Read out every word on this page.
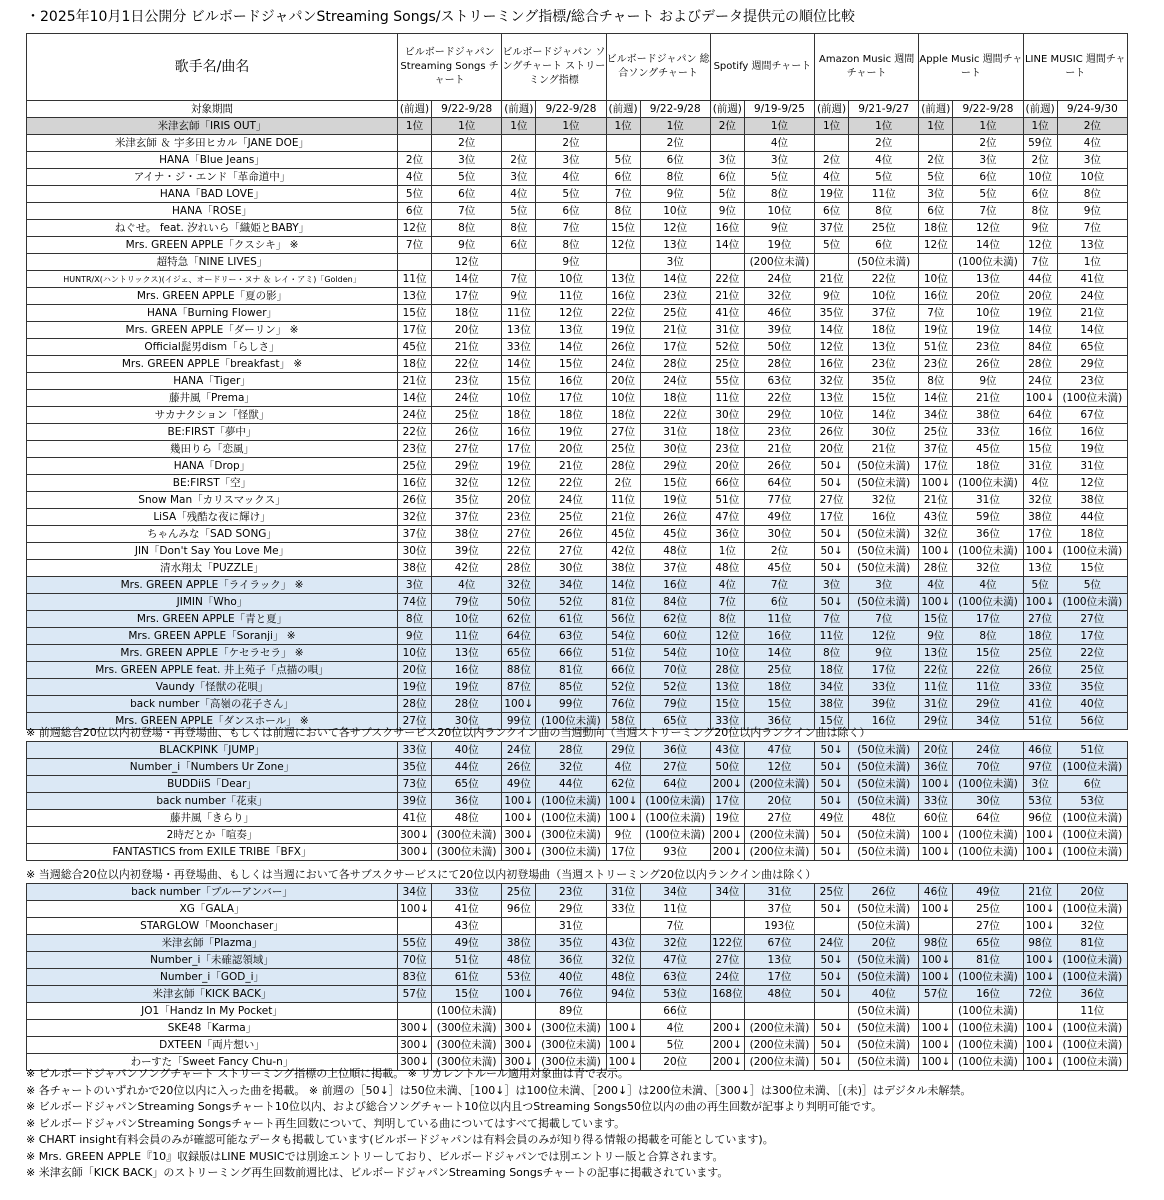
・2025年10月1日公開分 ビルボードジャパンStreaming Songs/ストリーミング指標/総合チャート およびデータ提供元の順位比較
歌手名/曲名	ビルボードジャパン Streaming Songs チャート		ビルボードジャパン ソングチャート ストリーミング指標		ビルボードジャパン 総合ソングチャート		Spotify 週間チャート		Amazon Music 週間チャート		Apple Music 週間チャート		LINE MUSIC 週間チャート	
対象期間	(前週)	9/22-9/28	(前週)	9/22-9/28	(前週)	9/22-9/28	(前週)	9/19-9/25	(前週)	9/21-9/27	(前週)	9/22-9/28	(前週)	9/24-9/30
米津玄師「IRIS OUT」	1位	1位	1位	1位	1位	1位	2位	1位	1位	1位	1位	1位	1位	2位
米津玄師 ＆ 宇多田ヒカル「JANE DOE」		2位		2位		2位		4位		2位		2位	59位	4位
HANA「Blue Jeans」	2位	3位	2位	3位	5位	6位	3位	3位	2位	4位	2位	3位	2位	3位
アイナ・ジ・エンド「革命道中」	4位	5位	3位	4位	6位	8位	6位	5位	4位	5位	5位	6位	10位	10位
HANA「BAD LOVE」	5位	6位	4位	5位	7位	9位	5位	8位	19位	11位	3位	5位	6位	8位
HANA「ROSE」	6位	7位	5位	6位	8位	10位	9位	10位	6位	8位	6位	7位	8位	9位
ねぐせ。 feat. 汐れいら「織姫とBABY」	12位	8位	8位	7位	15位	12位	16位	9位	37位	25位	18位	12位	9位	7位
Mrs. GREEN APPLE「クスシキ」 ※	7位	9位	6位	8位	12位	13位	14位	19位	5位	6位	12位	14位	12位	13位
超特急「NINE LIVES」		12位		9位		3位		(200位未満)		(50位未満)		(100位未満)	7位	1位
HUNTR/X(ハントリックス)(イジェ、オードリー・ヌナ ＆ レイ・アミ)「Golden」	11位	14位	7位	10位	13位	14位	22位	24位	21位	22位	10位	13位	44位	41位
Mrs. GREEN APPLE「夏の影」	13位	17位	9位	11位	16位	23位	21位	32位	9位	10位	16位	20位	20位	24位
HANA「Burning Flower」	15位	18位	11位	12位	22位	25位	41位	46位	35位	37位	7位	10位	19位	21位
Mrs. GREEN APPLE「ダーリン」 ※	17位	20位	13位	13位	19位	21位	31位	39位	14位	18位	19位	19位	14位	14位
Official髭男dism「らしさ」	45位	21位	33位	14位	26位	17位	52位	50位	12位	13位	51位	23位	84位	65位
Mrs. GREEN APPLE「breakfast」 ※	18位	22位	14位	15位	24位	28位	25位	28位	16位	23位	23位	26位	28位	29位
HANA「Tiger」	21位	23位	15位	16位	20位	24位	55位	63位	32位	35位	8位	9位	24位	23位
藤井風「Prema」	14位	24位	10位	17位	10位	18位	11位	22位	13位	15位	14位	21位	100↓	(100位未満)
サカナクション「怪獣」	24位	25位	18位	18位	18位	22位	30位	29位	10位	14位	34位	38位	64位	67位
BE:FIRST「夢中」	22位	26位	16位	19位	27位	31位	18位	23位	26位	30位	25位	33位	16位	16位
幾田りら「恋風」	23位	27位	17位	20位	25位	30位	23位	21位	20位	21位	37位	45位	15位	19位
HANA「Drop」	25位	29位	19位	21位	28位	29位	20位	26位	50↓	(50位未満)	17位	18位	31位	31位
BE:FIRST「空」	16位	32位	12位	22位	2位	15位	66位	64位	50↓	(50位未満)	100↓	(100位未満)	4位	12位
Snow Man「カリスマックス」	26位	35位	20位	24位	11位	19位	51位	77位	27位	32位	21位	31位	32位	38位
LiSA「残酷な夜に輝け」	32位	37位	23位	25位	21位	26位	47位	49位	17位	16位	43位	59位	38位	44位
ちゃんみな「SAD SONG」	37位	38位	27位	26位	45位	45位	36位	30位	50↓	(50位未満)	32位	36位	17位	18位
JIN「Don't Say You Love Me」	30位	39位	22位	27位	42位	48位	1位	2位	50↓	(50位未満)	100↓	(100位未満)	100↓	(100位未満)
清水翔太「PUZZLE」	38位	42位	28位	30位	38位	37位	48位	45位	50↓	(50位未満)	28位	32位	13位	15位
Mrs. GREEN APPLE「ライラック」 ※	3位	4位	32位	34位	14位	16位	4位	7位	3位	3位	4位	4位	5位	5位
JIMIN「Who」	74位	79位	50位	52位	81位	84位	7位	6位	50↓	(50位未満)	100↓	(100位未満)	100↓	(100位未満)
Mrs. GREEN APPLE「青と夏」	8位	10位	62位	61位	56位	62位	8位	11位	7位	7位	15位	17位	27位	27位
Mrs. GREEN APPLE「Soranji」 ※	9位	11位	64位	63位	54位	60位	12位	16位	11位	12位	9位	8位	18位	17位
Mrs. GREEN APPLE「ケセラセラ」 ※	10位	13位	65位	66位	51位	54位	10位	14位	8位	9位	13位	15位	25位	22位
Mrs. GREEN APPLE feat. 井上苑子「点描の唄」	20位	16位	88位	81位	66位	70位	28位	25位	18位	17位	22位	22位	26位	25位
Vaundy「怪獣の花唄」	19位	19位	87位	85位	52位	52位	13位	18位	34位	33位	11位	11位	33位	35位
back number「高嶺の花子さん」	28位	28位	100↓	99位	76位	79位	15位	15位	38位	39位	31位	29位	41位	40位
Mrs. GREEN APPLE「ダンスホール」 ※	27位	30位	99位	(100位未満)	58位	65位	33位	36位	15位	16位	29位	34位	51位	56位
※ 前週総合20位以内初登場・再登場曲、もしくは前週において各サブスクサービス20位以内ランクイン曲の当週動向（当週ストリーミング20位以内ランクイン曲は除く）
BLACKPINK「JUMP」	33位	40位	24位	28位	29位	36位	43位	47位	50↓	(50位未満)	20位	24位	46位	51位
Number_i「Numbers Ur Zone」	35位	44位	26位	32位	4位	27位	50位	12位	50↓	(50位未満)	36位	70位	97位	(100位未満)
BUDDiiS「Dear」	73位	65位	49位	44位	62位	64位	200↓	(200位未満)	50↓	(50位未満)	100↓	(100位未満)	3位	6位
back number「花束」	39位	36位	100↓	(100位未満)	100↓	(100位未満)	17位	20位	50↓	(50位未満)	33位	30位	53位	53位
藤井風「きらり」	41位	48位	100↓	(100位未満)	100↓	(100位未満)	19位	27位	49位	48位	60位	64位	96位	(100位未満)
2時だとか「喧奏」	300↓	(300位未満)	300↓	(300位未満)	9位	(100位未満)	200↓	(200位未満)	50↓	(50位未満)	100↓	(100位未満)	100↓	(100位未満)
FANTASTICS from EXILE TRIBE「BFX」	300↓	(300位未満)	300↓	(300位未満)	17位	93位	200↓	(200位未満)	50↓	(50位未満)	100↓	(100位未満)	100↓	(100位未満)
※ 当週総合20位以内初登場・再登場曲、もしくは当週において各サブスクサービスにて20位以内初登場曲（当週ストリーミング20位以内ランクイン曲は除く）
back number「ブルーアンバー」	34位	33位	25位	23位	31位	34位	34位	31位	25位	26位	46位	49位	21位	20位
XG「GALA」	100↓	41位	96位	29位	33位	11位		37位	50↓	(50位未満)	100↓	25位	100↓	(100位未満)
STARGLOW「Moonchaser」		43位		31位		7位		193位		(50位未満)		27位	100↓	32位
米津玄師「Plazma」	55位	49位	38位	35位	43位	32位	122位	67位	24位	20位	98位	65位	98位	81位
Number_i「未確認領域」	70位	51位	48位	36位	32位	47位	27位	13位	50↓	(50位未満)	100↓	81位	100↓	(100位未満)
Number_i「GOD_i」	83位	61位	53位	40位	48位	63位	24位	17位	50↓	(50位未満)	100↓	(100位未満)	100↓	(100位未満)
米津玄師「KICK BACK」	57位	15位	100↓	76位	94位	53位	168位	48位	50↓	40位	57位	16位	72位	36位
JO1「Handz In My Pocket」		(100位未満)		89位		66位				(50位未満)		(100位未満)		11位
SKE48「Karma」	300↓	(300位未満)	300↓	(300位未満)	100↓	4位	200↓	(200位未満)	50↓	(50位未満)	100↓	(100位未満)	100↓	(100位未満)
DXTEEN「両片想い」	300↓	(300位未満)	300↓	(300位未満)	100↓	5位	200↓	(200位未満)	50↓	(50位未満)	100↓	(100位未満)	100↓	(100位未満)
わーすた「Sweet Fancy Chu-n」	300↓	(300位未満)	300↓	(300位未満)	100↓	20位	200↓	(200位未満)	50↓	(50位未満)	100↓	(100位未満)	100↓	(100位未満)
※ ビルボードジャパンソングチャート ストリーミング指標の上位順に掲載。 ※ リカレントルール適用対象曲は青で表示。
※ 各チャートのいずれかで20位以内に入った曲を掲載。 ※ 前週の［50↓］は50位未満、［100↓］は100位未満、［200↓］は200位未満、［300↓］は300位未満、［(未)］はデジタル未解禁。
※ ビルボードジャパンStreaming Songsチャート10位以内、および総合ソングチャート10位以内且つStreaming Songs50位以内の曲の再生回数が記事より判明可能です。
※ ビルボードジャパンStreaming Songsチャート再生回数について、判明している曲についてはすべて掲載しています。
※ CHART insight有料会員のみが確認可能なデータも掲載しています(ビルボードジャパンは有料会員のみが知り得る情報の掲載を可能としています)。
※ Mrs. GREEN APPLE『10』収録版はLINE MUSICでは別途エントリーしており、ビルボードジャパンでは別エントリー版と合算されます。
※ 米津玄師「KICK BACK」のストリーミング再生回数前週比は、ビルボードジャパンStreaming Songsチャートの記事に掲載されています。
